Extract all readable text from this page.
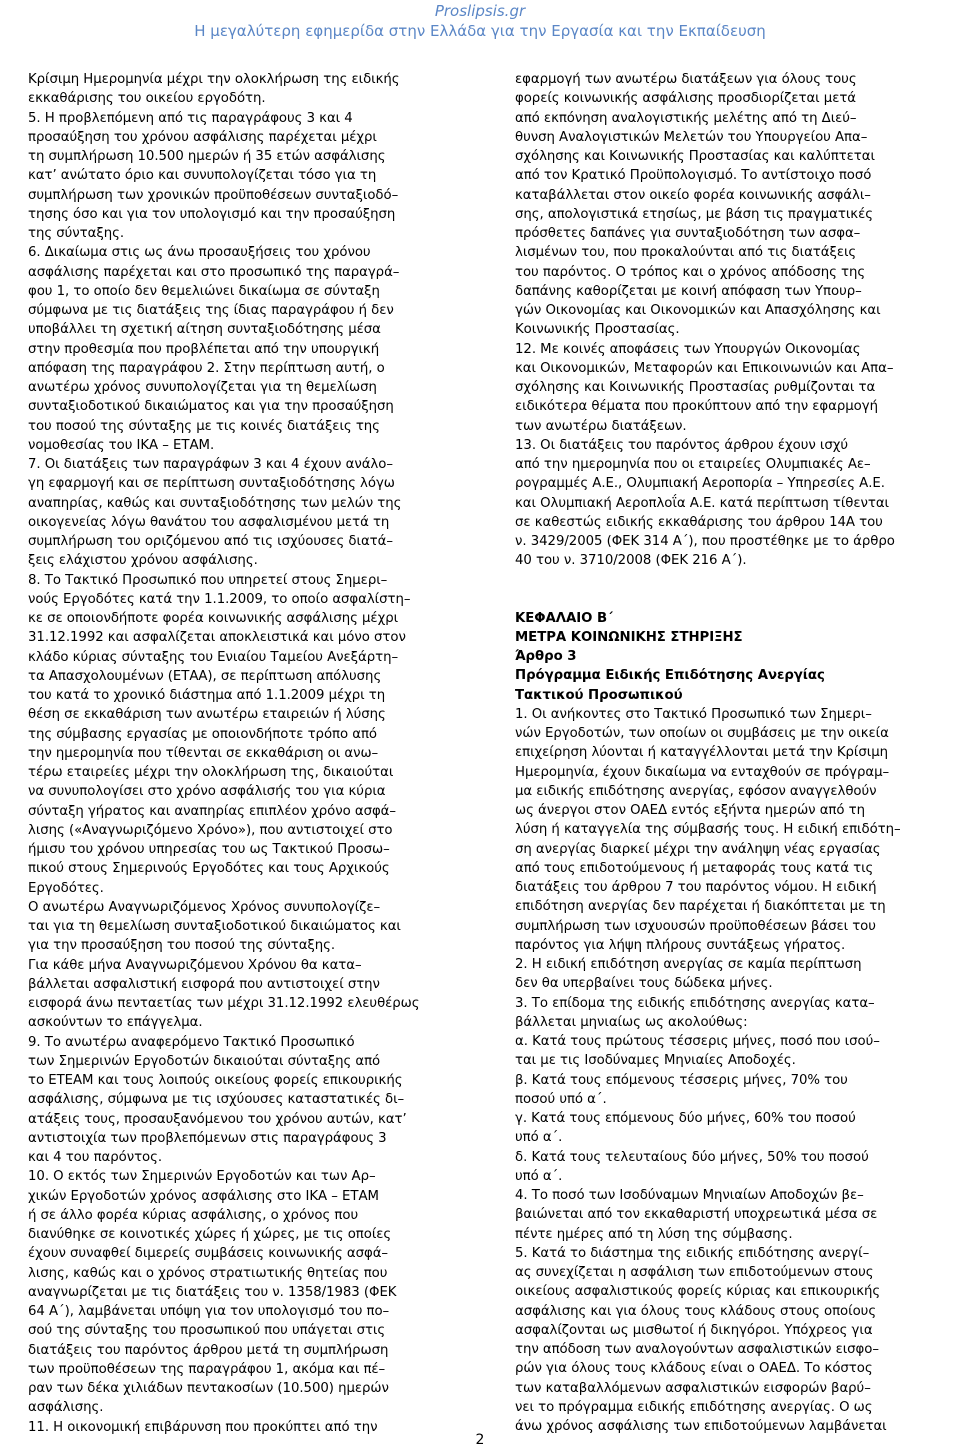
Proslipsis.gr
Η μεγαλύτερη εφημερίδα στην Ελλάδα για την Εργασία και την Εκπαίδευση

Κρίσιμη Ημερομηνία μέχρι την ολοκλήρωση της ειδικής

εκκαθάρισης του οικείου εργοδότη.

5. Η προβλεπόμενη από τις παραγράφους 3 και 4

προσαύξηση του χρόνου ασφάλισης παρέχεται μέχρι

τη συμπλήρωση 10.500 ημερών ή 35 ετών ασφάλισης

κατ’ ανώτατο όριο και συνυπολογίζεται τόσο για τη

συμπλήρωση των χρονικών προϋποθέσεων συνταξιοδό–

τησης όσο και για τον υπολογισμό και την προσαύξηση

της σύνταξης.

6. Δικαίωμα στις ως άνω προσαυξήσεις του χρόνου

ασφάλισης παρέχεται και στο προσωπικό της παραγρά–

φου 1, το οποίο δεν θεμελιώνει δικαίωμα σε σύνταξη

σύμφωνα με τις διατάξεις της ίδιας παραγράφου ή δεν

υποβάλλει τη σχετική αίτηση συνταξιοδότησης μέσα

στην προθεσμία που προβλέπεται από την υπουργική

απόφαση της παραγράφου 2. Στην περίπτωση αυτή, ο

ανωτέρω χρόνος συνυπολογίζεται για τη θεμελίωση

συνταξιοδοτικού δικαιώματος και για την προσαύξηση

του ποσού της σύνταξης με τις κοινές διατάξεις της

νομοθεσίας του ΙΚΑ – ΕΤΑΜ.

7. Οι διατάξεις των παραγράφων 3 και 4 έχουν ανάλο–

γη εφαρμογή και σε περίπτωση συνταξιοδότησης λόγω

αναπηρίας, καθώς και συνταξιοδότησης των μελών της

οικογενείας λόγω θανάτου του ασφαλισμένου μετά τη

συμπλήρωση του οριζόμενου από τις ισχύουσες διατά–

ξεις ελάχιστου χρόνου ασφάλισης.

8. Το Τακτικό Προσωπικό που υπηρετεί στους Σημερι–

νούς Εργοδότες κατά την 1.1.2009, το οποίο ασφαλίστη–

κε σε οποιονδήποτε φορέα κοινωνικής ασφάλισης μέχρι

31.12.1992 και ασφαλίζεται αποκλειστικά και μόνο στον

κλάδο κύριας σύνταξης του Ενιαίου Ταμείου Ανεξάρτη–

τα Απασχολουμένων (ΕΤΑΑ), σε περίπτωση απόλυσης

του κατά το χρονικό διάστημα από 1.1.2009 μέχρι τη

θέση σε εκκαθάριση των ανωτέρω εταιρειών ή λύσης

της σύμβασης εργασίας με οποιονδήποτε τρόπο από

την ημερομηνία που τίθενται σε εκκαθάριση οι ανω–

τέρω εταιρείες μέχρι την ολοκλήρωση της, δικαιούται

να συνυπολογίσει στο χρόνο ασφάλισής του για κύρια

σύνταξη γήρατος και αναπηρίας επιπλέον χρόνο ασφά–

λισης («Αναγνωριζόμενο Χρόνο»), που αντιστοιχεί στο

ήμισυ του χρόνου υπηρεσίας του ως Τακτικού Προσω–

πικού στους Σημερινούς Εργοδότες και τους Αρχικούς

Εργοδότες.

Ο ανωτέρω Αναγνωριζόμενος Χρόνος συνυπολογίζε–

ται για τη θεμελίωση συνταξιοδοτικού δικαιώματος και

για την προσαύξηση του ποσού της σύνταξης.

Για κάθε μήνα Αναγνωριζόμενου Χρόνου θα κατα–

βάλλεται ασφαλιστική εισφορά που αντιστοιχεί στην

εισφορά άνω πενταετίας των μέχρι 31.12.1992 ελευθέρως

ασκούντων το επάγγελμα.

9. Το ανωτέρω αναφερόμενο Τακτικό Προσωπικό

των Σημερινών Εργοδοτών δικαιούται σύνταξης από

το ΕΤΕΑΜ και τους λοιπούς οικείους φορείς επικουρικής

ασφάλισης, σύμφωνα με τις ισχύουσες καταστατικές δι–

ατάξεις τους, προσαυξανόμενου του χρόνου αυτών, κατ’

αντιστοιχία των προβλεπόμενων στις παραγράφους 3

και 4 του παρόντος.

10. Ο εκτός των Σημερινών Εργοδοτών και των Αρ–

χικών Εργοδοτών χρόνος ασφάλισης στο ΙΚΑ – ΕΤΑΜ

ή σε άλλο φορέα κύριας ασφάλισης, ο χρόνος που

διανύθηκε σε κοινοτικές χώρες ή χώρες, με τις οποίες

έχουν συναφθεί διμερείς συμβάσεις κοινωνικής ασφά–

λισης, καθώς και ο χρόνος στρατιωτικής θητείας που

αναγνωρίζεται με τις διατάξεις του ν. 1358/1983 (ΦΕΚ

64 Α΄), λαμβάνεται υπόψη για τον υπολογισμό του πο–

σού της σύνταξης του προσωπικού που υπάγεται στις

διατάξεις του παρόντος άρθρου μετά τη συμπλήρωση

των προϋποθέσεων της παραγράφου 1, ακόμα και πέ–

ραν των δέκα χιλιάδων πεντακοσίων (10.500) ημερών

ασφάλισης.

11. Η οικονομική επιβάρυνση που προκύπτει από την

εφαρμογή των ανωτέρω διατάξεων για όλους τους

φορείς κοινωνικής ασφάλισης προσδιορίζεται μετά

από εκπόνηση αναλογιστικής μελέτης από τη Διεύ–

θυνση Αναλογιστικών Μελετών του Υπουργείου Απα–

σχόλησης και Κοινωνικής Προστασίας και καλύπτεται

από τον Κρατικό Προϋπολογισμό. Το αντίστοιχο ποσό

καταβάλλεται στον οικείο φορέα κοινωνικής ασφάλι–

σης, απολογιστικά ετησίως, με βάση τις πραγματικές

πρόσθετες δαπάνες για συνταξιοδότηση των ασφα–

λισμένων του, που προκαλούνται από τις διατάξεις

του παρόντος. Ο τρόπος και ο χρόνος απόδοσης της

δαπάνης καθορίζεται με κοινή απόφαση των Υπουρ–

γών Οικονομίας και Οικονομικών και Απασχόλησης και

Κοινωνικής Προστασίας.

12. Με κοινές αποφάσεις των Υπουργών Οικονομίας

και Οικονομικών, Μεταφορών και Επικοινωνιών και Απα–

σχόλησης και Κοινωνικής Προστασίας ρυθμίζονται τα

ειδικότερα θέματα που προκύπτουν από την εφαρμογή

των ανωτέρω διατάξεων.

13. Οι διατάξεις του παρόντος άρθρου έχουν ισχύ

από την ημερομηνία που οι εταιρείες Ολυμπιακές Αε–

ρογραμμές Α.Ε., Ολυμπιακή Αεροπορία – Υπηρεσίες Α.Ε.

και Ολυμπιακή Αεροπλοΐα Α.Ε. κατά περίπτωση τίθενται

σε καθεστώς ειδικής εκκαθάρισης του άρθρου 14Α του

ν. 3429/2005 (ΦΕΚ 314 Α΄), που προστέθηκε με το άρθρο

40 του ν. 3710/2008 (ΦΕΚ 216 Α΄).

ΚΕΦΑΛΑΙΟ Β΄

ΜΕΤΡΑ ΚΟΙΝΩΝΙΚΗΣ ΣΤΗΡΙΞΗΣ

Άρθρο 3

Πρόγραμμα Ειδικής Επιδότησης Ανεργίας

Τακτικού Προσωπικού

1. Οι ανήκοντες στο Τακτικό Προσωπικό των Σημερι–

νών Εργοδοτών, των οποίων οι συμβάσεις με την οικεία

επιχείρηση λύονται ή καταγγέλλονται μετά την Κρίσιμη

Ημερομηνία, έχουν δικαίωμα να ενταχθούν σε πρόγραμ–

μα ειδικής επιδότησης ανεργίας, εφόσον αναγγελθούν

ως άνεργοι στον ΟΑΕΔ εντός εξήντα ημερών από τη

λύση ή καταγγελία της σύμβασής τους. Η ειδική επιδότη–

ση ανεργίας διαρκεί μέχρι την ανάληψη νέας εργασίας

από τους επιδοτούμενους ή μεταφοράς τους κατά τις

διατάξεις του άρθρου 7 του παρόντος νόμου. Η ειδική

επιδότηση ανεργίας δεν παρέχεται ή διακόπτεται με τη

συμπλήρωση των ισχυουσών προϋποθέσεων βάσει του

παρόντος για λήψη πλήρους συντάξεως γήρατος.

2. Η ειδική επιδότηση ανεργίας σε καμία περίπτωση

δεν θα υπερβαίνει τους δώδεκα μήνες.

3. Το επίδομα της ειδικής επιδότησης ανεργίας κατα–

βάλλεται μηνιαίως ως ακολούθως:

α. Κατά τους πρώτους τέσσερις μήνες, ποσό που ισού–

ται με τις Ισοδύναμες Μηνιαίες Αποδοχές.

β. Κατά τους επόμενους τέσσερις μήνες, 70% του

ποσού υπό α΄.

γ. Κατά τους επόμενους δύο μήνες, 60% του ποσού

υπό α΄.

δ. Κατά τους τελευταίους δύο μήνες, 50% του ποσού

υπό α΄.

4. Το ποσό των Ισοδύναμων Μηνιαίων Αποδοχών βε–

βαιώνεται από τον εκκαθαριστή υποχρεωτικά μέσα σε

πέντε ημέρες από τη λύση της σύμβασης.

5. Κατά το διάστημα της ειδικής επιδότησης ανεργί–

ας συνεχίζεται η ασφάλιση των επιδοτούμενων στους

οικείους ασφαλιστικούς φορείς κύριας και επικουρικής

ασφάλισης και για όλους τους κλάδους στους οποίους

ασφαλίζονται ως μισθωτοί ή δικηγόροι. Υπόχρεος για

την απόδοση των αναλογούντων ασφαλιστικών εισφο–

ρών για όλους τους κλάδους είναι ο ΟΑΕΔ. Το κόστος

των καταβαλλόμενων ασφαλιστικών εισφορών βαρύ–

νει το πρόγραμμα ειδικής επιδότησης ανεργίας. Ο ως

άνω χρόνος ασφάλισης των επιδοτούμενων λαμβάνεται

2
